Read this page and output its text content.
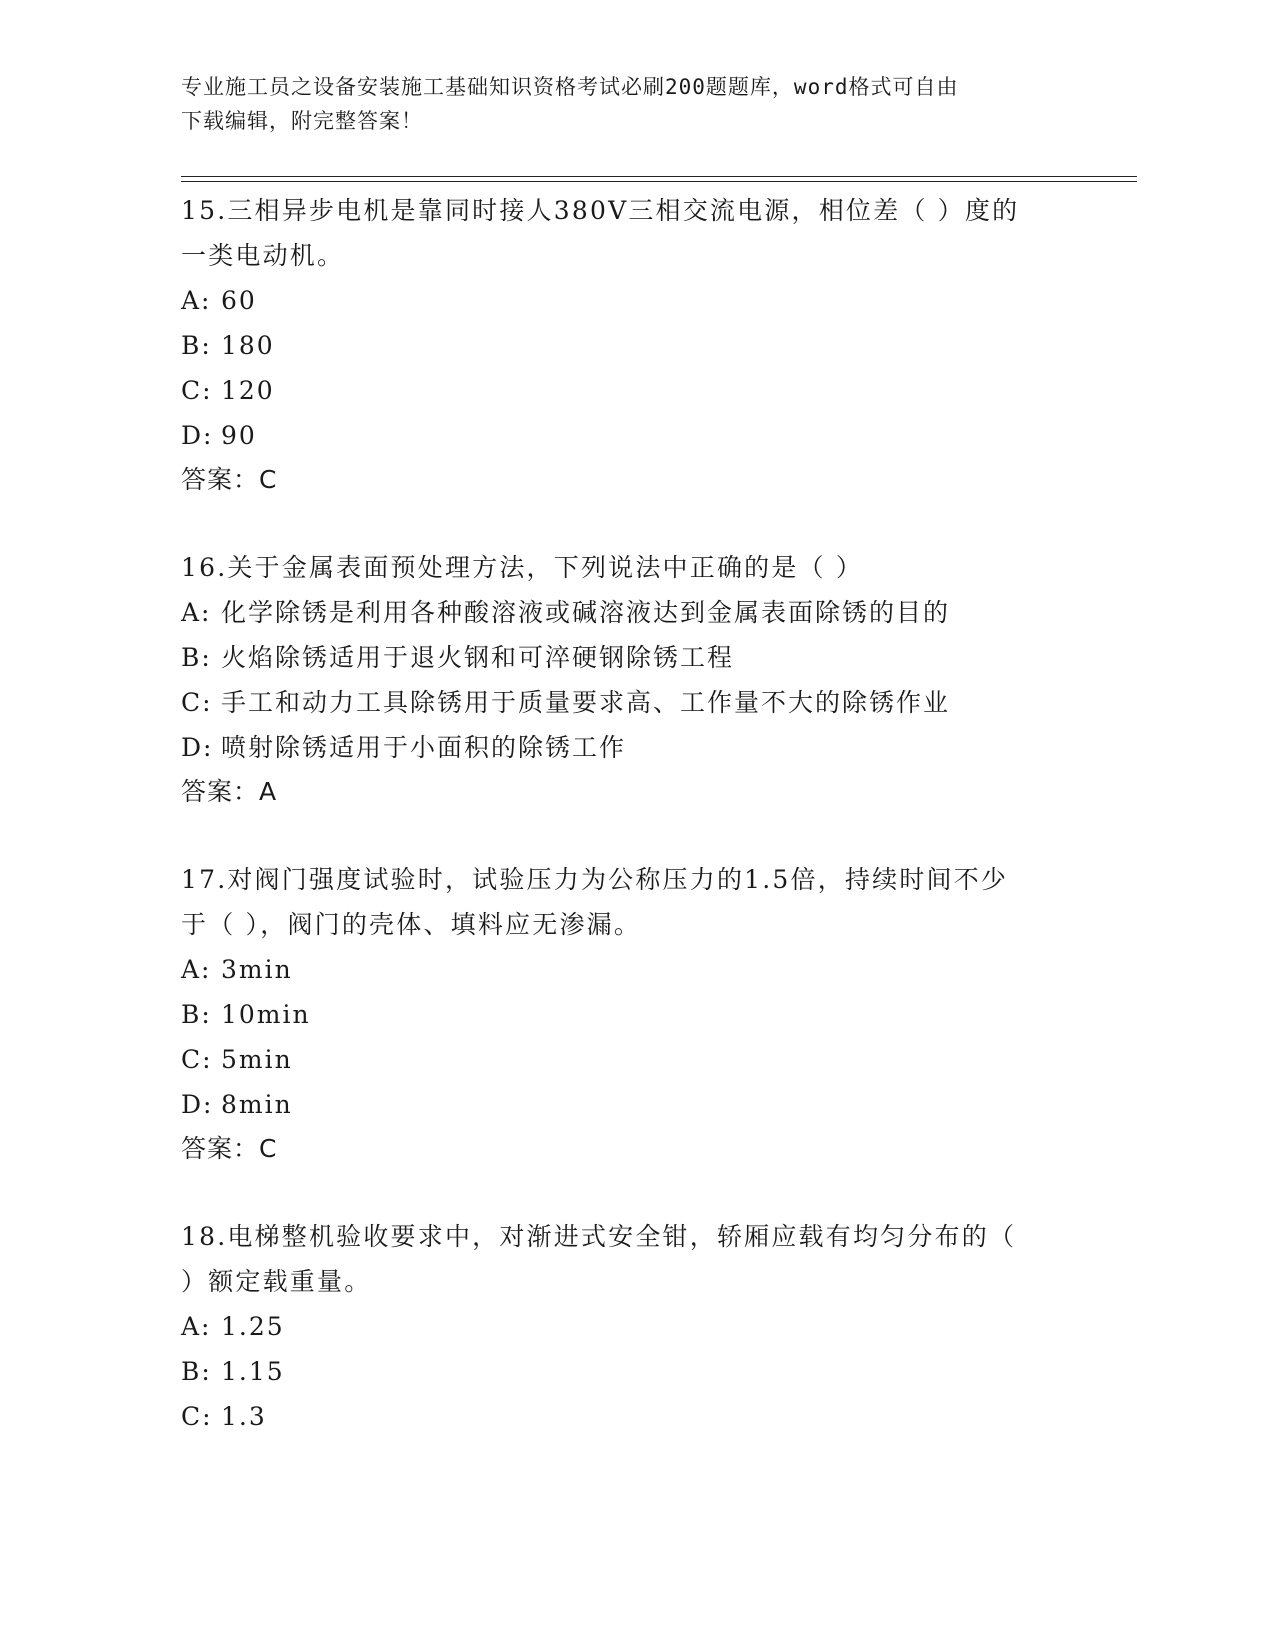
专业施工员之设备安装施工基础知识资格考试必刷200题题库，word格式可自由
下载编辑，附完整答案！
15.三相异步电机是靠同时接人380V三相交流电源，相位差（ ）度的
一类电动机。
A: 60
B: 180
C: 120
D: 90
答案：C
16.关于金属表面预处理方法，下列说法中正确的是（ ）
A: 化学除锈是利用各种酸溶液或碱溶液达到金属表面除锈的目的
B: 火焰除锈适用于退火钢和可淬硬钢除锈工程
C: 手工和动力工具除锈用于质量要求高、工作量不大的除锈作业
D: 喷射除锈适用于小面积的除锈工作
答案：A
17.对阀门强度试验时，试验压力为公称压力的1.5倍，持续时间不少
于（ ），阀门的壳体、填料应无渗漏。
A: 3min
B: 10min
C: 5min
D: 8min
答案：C
18.电梯整机验收要求中，对渐进式安全钳，轿厢应载有均匀分布的（
）额定载重量。
A: 1.25
B: 1.15
C: 1.3
